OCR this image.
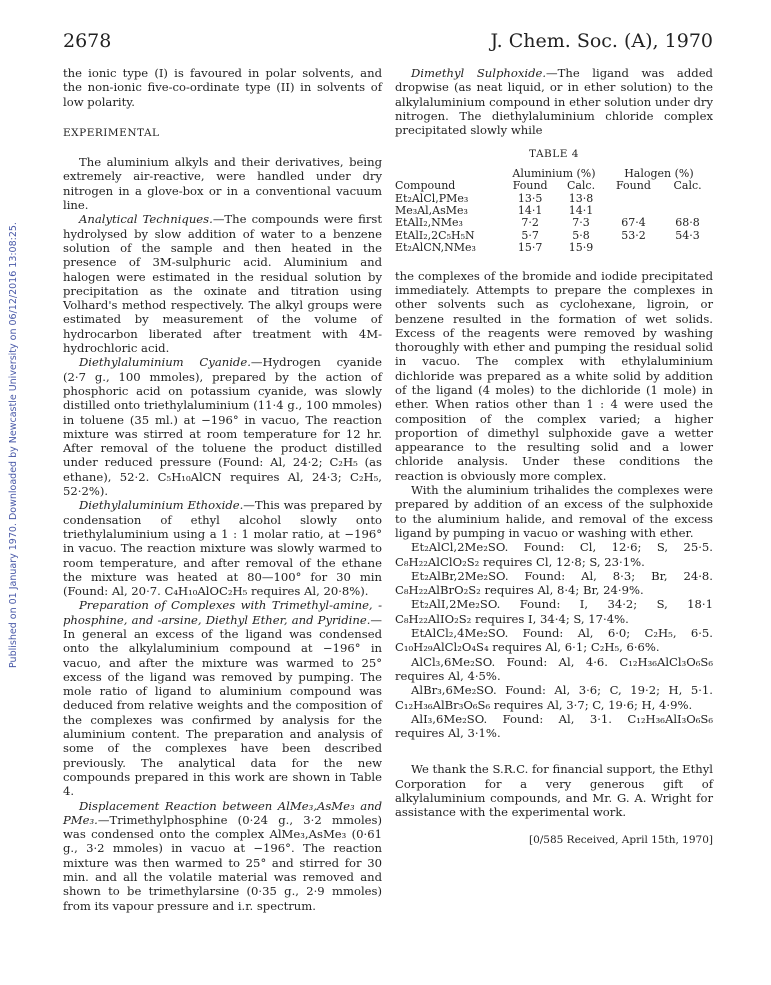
2678	J. Chem. Soc. (A), 1970
Published on 01 January 1970. Downloaded by Newcastle University on 06/12/2016 13:08:25.

the ionic type (I) is favoured in polar solvents, and the non-ionic five-co-ordinate type (II) in solvents of low polarity.

EXPERIMENTAL

The aluminium alkyls and their derivatives, being extremely air-reactive, were handled under dry nitrogen in a glove-box or in a conventional vacuum line.

Analytical Techniques.—The compounds were first hydrolysed by slow addition of water to a benzene solution of the sample and then heated in the presence of 3M-sulphuric acid. Aluminium and halogen were estimated in the residual solution by precipitation as the oxinate and titration using Volhard's method respectively. The alkyl groups were estimated by measurement of the volume of hydrocarbon liberated after treatment with 4M-hydrochloric acid.

Diethylaluminium Cyanide.—Hydrogen cyanide (2·7 g., 100 mmoles), prepared by the action of phosphoric acid on potassium cyanide, was slowly distilled onto triethylaluminium (11·4 g., 100 mmoles) in toluene (35 ml.) at −196° in vacuo, The reaction mixture was stirred at room temperature for 12 hr. After removal of the toluene the product distilled under reduced pressure (Found: Al, 24·2; C₂H₅ (as ethane), 52·2. C₅H₁₀AlCN requires Al, 24·3; C₂H₅, 52·2%).

Diethylaluminium Ethoxide.—This was prepared by condensation of ethyl alcohol slowly onto triethylaluminium using a 1 : 1 molar ratio, at −196° in vacuo. The reaction mixture was slowly warmed to room temperature, and after removal of the ethane the mixture was heated at 80—100° for 30 min (Found: Al, 20·7. C₄H₁₀AlOC₂H₅ requires Al, 20·8%).

Preparation of Complexes with Trimethyl-amine, -phosphine, and -arsine, Diethyl Ether, and Pyridine.—In general an excess of the ligand was condensed onto the alkylaluminium compound at −196° in vacuo, and after the mixture was warmed to 25° excess of the ligand was removed by pumping. The mole ratio of ligand to aluminium compound was deduced from relative weights and the composition of the complexes was confirmed by analysis for the aluminium content. The preparation and analysis of some of the complexes have been described previously. The analytical data for the new compounds prepared in this work are shown in Table 4.

Displacement Reaction between AlMe₃,AsMe₃ and PMe₃.—Trimethylphosphine (0·24 g., 3·2 mmoles) was condensed onto the complex AlMe₃,AsMe₃ (0·61 g., 3·2 mmoles) in vacuo at −196°. The reaction mixture was then warmed to 25° and stirred for 30 min. and all the volatile material was removed and shown to be trimethylarsine (0·35 g., 2·9 mmoles) from its vapour pressure and i.r. spectrum.

Dimethyl Sulphoxide.—The ligand was added dropwise (as neat liquid, or in ether solution) to the alkylaluminium compound in ether solution under dry nitrogen. The diethylaluminium chloride complex precipitated slowly while

TABLE 4
	Aluminium (%)		Halogen (%)	
Compound	Found	Calc.	Found	Calc.
Et₂AlCl,PMe₃	13·5	13·8		
Me₃Al,AsMe₃	14·1	14·1		
EtAlI₂,NMe₃	7·2	7·3	67·4	68·8
EtAlI₂,2C₅H₅N	5·7	5·8	53·2	54·3
Et₂AlCN,NMe₃	15·7	15·9		

the complexes of the bromide and iodide precipitated immediately. Attempts to prepare the complexes in other solvents such as cyclohexane, ligroin, or benzene resulted in the formation of wet solids. Excess of the reagents were removed by washing thoroughly with ether and pumping the residual solid in vacuo. The complex with ethylaluminium dichloride was prepared as a white solid by addition of the ligand (4 moles) to the dichloride (1 mole) in ether. When ratios other than 1 : 4 were used the composition of the complex varied; a higher proportion of dimethyl sulphoxide gave a wetter appearance to the resulting solid and a lower chloride analysis. Under these conditions the reaction is obviously more complex.

With the aluminium trihalides the complexes were prepared by addition of an excess of the sulphoxide to the aluminium halide, and removal of the excess ligand by pumping in vacuo or washing with ether.

Et₂AlCl,2Me₂SO. Found: Cl, 12·6; S, 25·5. C₈H₂₂AlClO₂S₂ requires Cl, 12·8; S, 23·1%.

Et₂AlBr,2Me₂SO. Found: Al, 8·3; Br, 24·8. C₈H₂₂AlBrO₂S₂ requires Al, 8·4; Br, 24·9%.

Et₂AlI,2Me₂SO. Found: I, 34·2; S, 18·1 C₈H₂₂AlIO₂S₂ requires I, 34·4; S, 17·4%.

EtAlCl₂,4Me₂SO. Found: Al, 6·0; C₂H₅, 6·5. C₁₀H₂₉AlCl₂O₄S₄ requires Al, 6·1; C₂H₅, 6·6%.

AlCl₃,6Me₂SO. Found: Al, 4·6. C₁₂H₃₆AlCl₃O₆S₆ requires Al, 4·5%.

AlBr₃,6Me₂SO. Found: Al, 3·6; C, 19·2; H, 5·1. C₁₂H₃₆AlBr₃O₆S₆ requires Al, 3·7; C, 19·6; H, 4·9%.

AlI₃,6Me₂SO. Found: Al, 3·1. C₁₂H₃₆AlI₃O₆S₆ requires Al, 3·1%.

We thank the S.R.C. for financial support, the Ethyl Corporation for a very generous gift of alkylaluminium compounds, and Mr. G. A. Wright for assistance with the experimental work.

[0/585 Received, April 15th, 1970]
